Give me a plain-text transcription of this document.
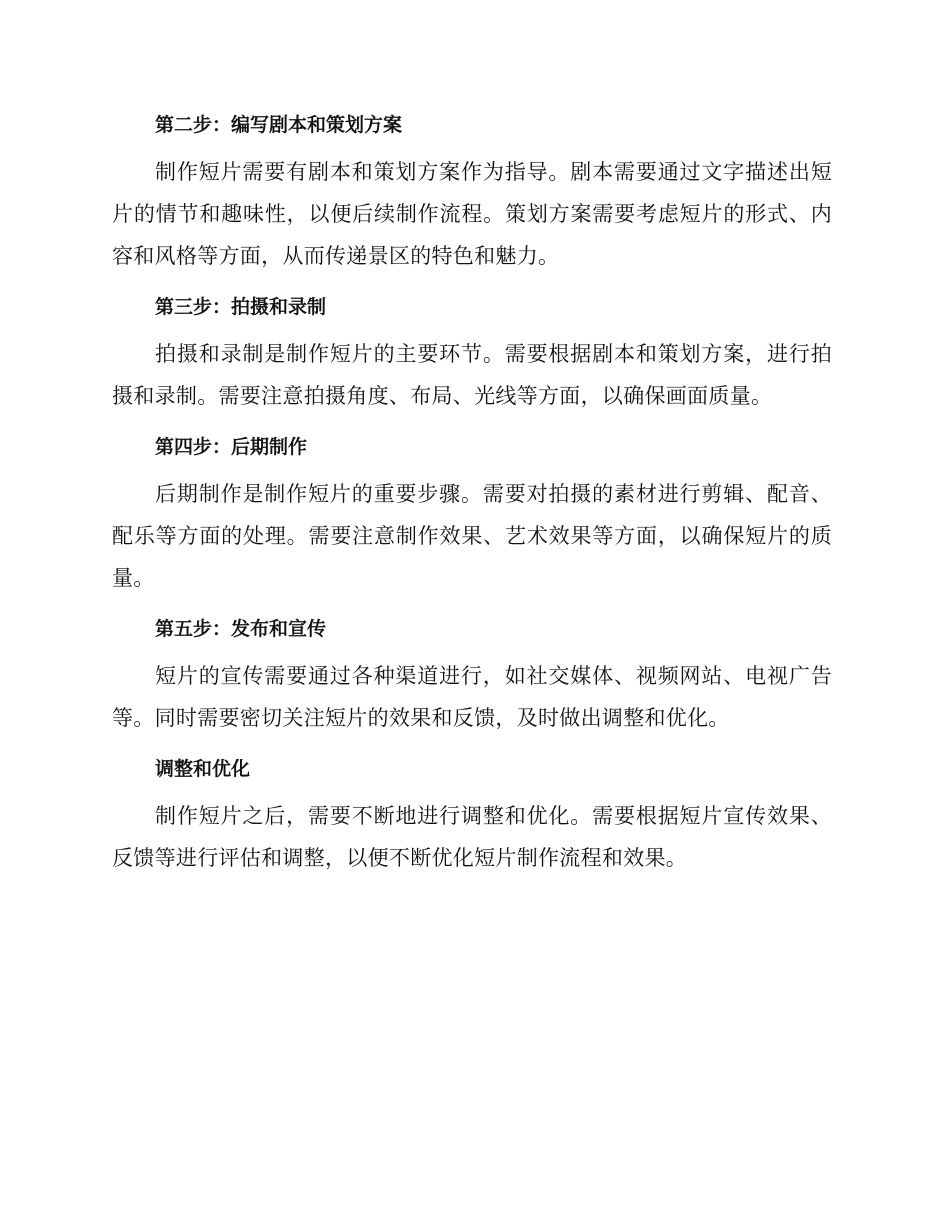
第二步：编写剧本和策划方案

制作短片需要有剧本和策划方案作为指导。剧本需要通过文字描述出短片的情节和趣味性，以便后续制作流程。策划方案需要考虑短片的形式、内容和风格等方面，从而传递景区的特色和魅力。

第三步：拍摄和录制

拍摄和录制是制作短片的主要环节。需要根据剧本和策划方案，进行拍摄和录制。需要注意拍摄角度、布局、光线等方面，以确保画面质量。

第四步：后期制作

后期制作是制作短片的重要步骤。需要对拍摄的素材进行剪辑、配音、配乐等方面的处理。需要注意制作效果、艺术效果等方面，以确保短片的质量。

第五步：发布和宣传

短片的宣传需要通过各种渠道进行，如社交媒体、视频网站、电视广告等。同时需要密切关注短片的效果和反馈，及时做出调整和优化。

调整和优化

制作短片之后，需要不断地进行调整和优化。需要根据短片宣传效果、反馈等进行评估和调整，以便不断优化短片制作流程和效果。
